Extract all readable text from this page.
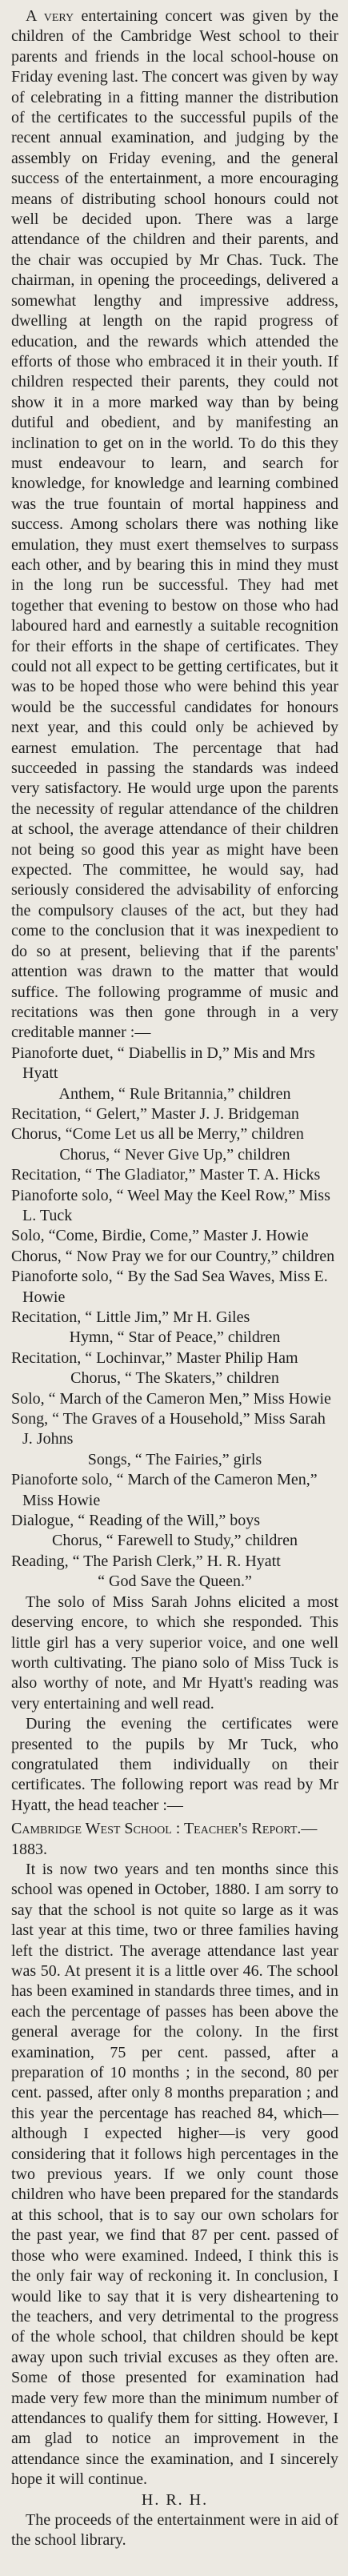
A very entertaining concert was given by the children of the Cambridge West school to their parents and friends in the local school-house on Friday evening last. The concert was given by way of celebrating in a fitting manner the distribution of the certificates to the successful pupils of the recent annual examination, and judging by the assembly on Friday evening, and the general success of the entertainment, a more encouraging means of distributing school honours could not well be decided upon. There was a large attendance of the children and their parents, and the chair was occupied by Mr Chas. Tuck. The chairman, in opening the proceedings, delivered a somewhat lengthy and impressive address, dwelling at length on the rapid progress of education, and the rewards which attended the efforts of those who embraced it in their youth. If children respected their parents, they could not show it in a more marked way than by being dutiful and obedient, and by manifesting an inclination to get on in the world. To do this they must endeavour to learn, and search for knowledge, for knowledge and learning combined was the true fountain of mortal happiness and success. Among scholars there was nothing like emulation, they must exert themselves to surpass each other, and by bearing this in mind they must in the long run be successful. They had met together that evening to bestow on those who had laboured hard and earnestly a suitable recognition for their efforts in the shape of certificates. They could not all expect to be getting certificates, but it was to be hoped those who were behind this year would be the successful candidates for honours next year, and this could only be achieved by earnest emulation. The percentage that had succeeded in passing the standards was indeed very satisfactory. He would urge upon the parents the necessity of regular attendance of the children at school, the average attendance of their children not being so good this year as might have been expected. The committee, he would say, had seriously considered the advisability of enforcing the compulsory clauses of the act, but they had come to the conclusion that it was inexpedient to do so at present, believing that if the parents' attention was drawn to the matter that would suffice. The following programme of music and recitations was then gone through in a very creditable manner :—

Pianoforte duet, “ Diabellis in D,” Mis and Mrs Hyatt
Anthem, “ Rule Britannia,” children
Recitation, “ Gelert,” Master J. J. Bridgeman
Chorus, “Come Let us all be Merry,” children
Chorus, “ Never Give Up,” children
Recitation, “ The Gladiator,” Master T. A. Hicks
Pianoforte solo, “ Weel May the Keel Row,” Miss L. Tuck
Solo, “Come, Birdie, Come,” Master J. Howie
Chorus, “ Now Pray we for our Country,” children
Pianoforte solo, “ By the Sad Sea Waves, Miss E. Howie
Recitation, “ Little Jim,” Mr H. Giles
Hymn, “ Star of Peace,” children
Recitation, “ Lochinvar,” Master Philip Ham
Chorus, “ The Skaters,” children
Solo, “ March of the Cameron Men,” Miss Howie
Song, “ The Graves of a Household,” Miss Sarah J. Johns
Songs, “ The Fairies,” girls
Pianoforte solo, “ March of the Cameron Men,” Miss Howie
Dialogue, “ Reading of the Will,” boys
Chorus, “ Farewell to Study,” children
Reading, “ The Parish Clerk,” H. R. Hyatt
“ God Save the Queen.”

The solo of Miss Sarah Johns elicited a most deserving encore, to which she responded. This little girl has a very superior voice, and one well worth cultivating. The piano solo of Miss Tuck is also worthy of note, and Mr Hyatt's reading was very entertaining and well read.

During the evening the certificates were presented to the pupils by Mr Tuck, who congratulated them individually on their certificates. The following report was read by Mr Hyatt, the head teacher :—

Cambridge West School : Teacher's Report.—1883.

It is now two years and ten months since this school was opened in October, 1880. I am sorry to say that the school is not quite so large as it was last year at this time, two or three families having left the district. The average attendance last year was 50. At present it is a little over 46. The school has been examined in standards three times, and in each the percentage of passes has been above the general average for the colony. In the first examination, 75 per cent. passed, after a preparation of 10 months ; in the second, 80 per cent. passed, after only 8 months preparation ; and this year the percentage has reached 84, which—although I expected higher—is very good considering that it follows high percentages in the two previous years. If we only count those children who have been prepared for the standards at this school, that is to say our own scholars for the past year, we find that 87 per cent. passed of those who were examined. Indeed, I think this is the only fair way of reckoning it. In conclusion, I would like to say that it is very disheartening to the teachers, and very detrimental to the progress of the whole school, that children should be kept away upon such trivial excuses as they often are. Some of those presented for examination had made very few more than the minimum number of attendances to qualify them for sitting. However, I am glad to notice an improvement in the attendance since the examination, and I sincerely hope it will continue.

H. R. H.

The proceeds of the entertainment were in aid of the school library.
